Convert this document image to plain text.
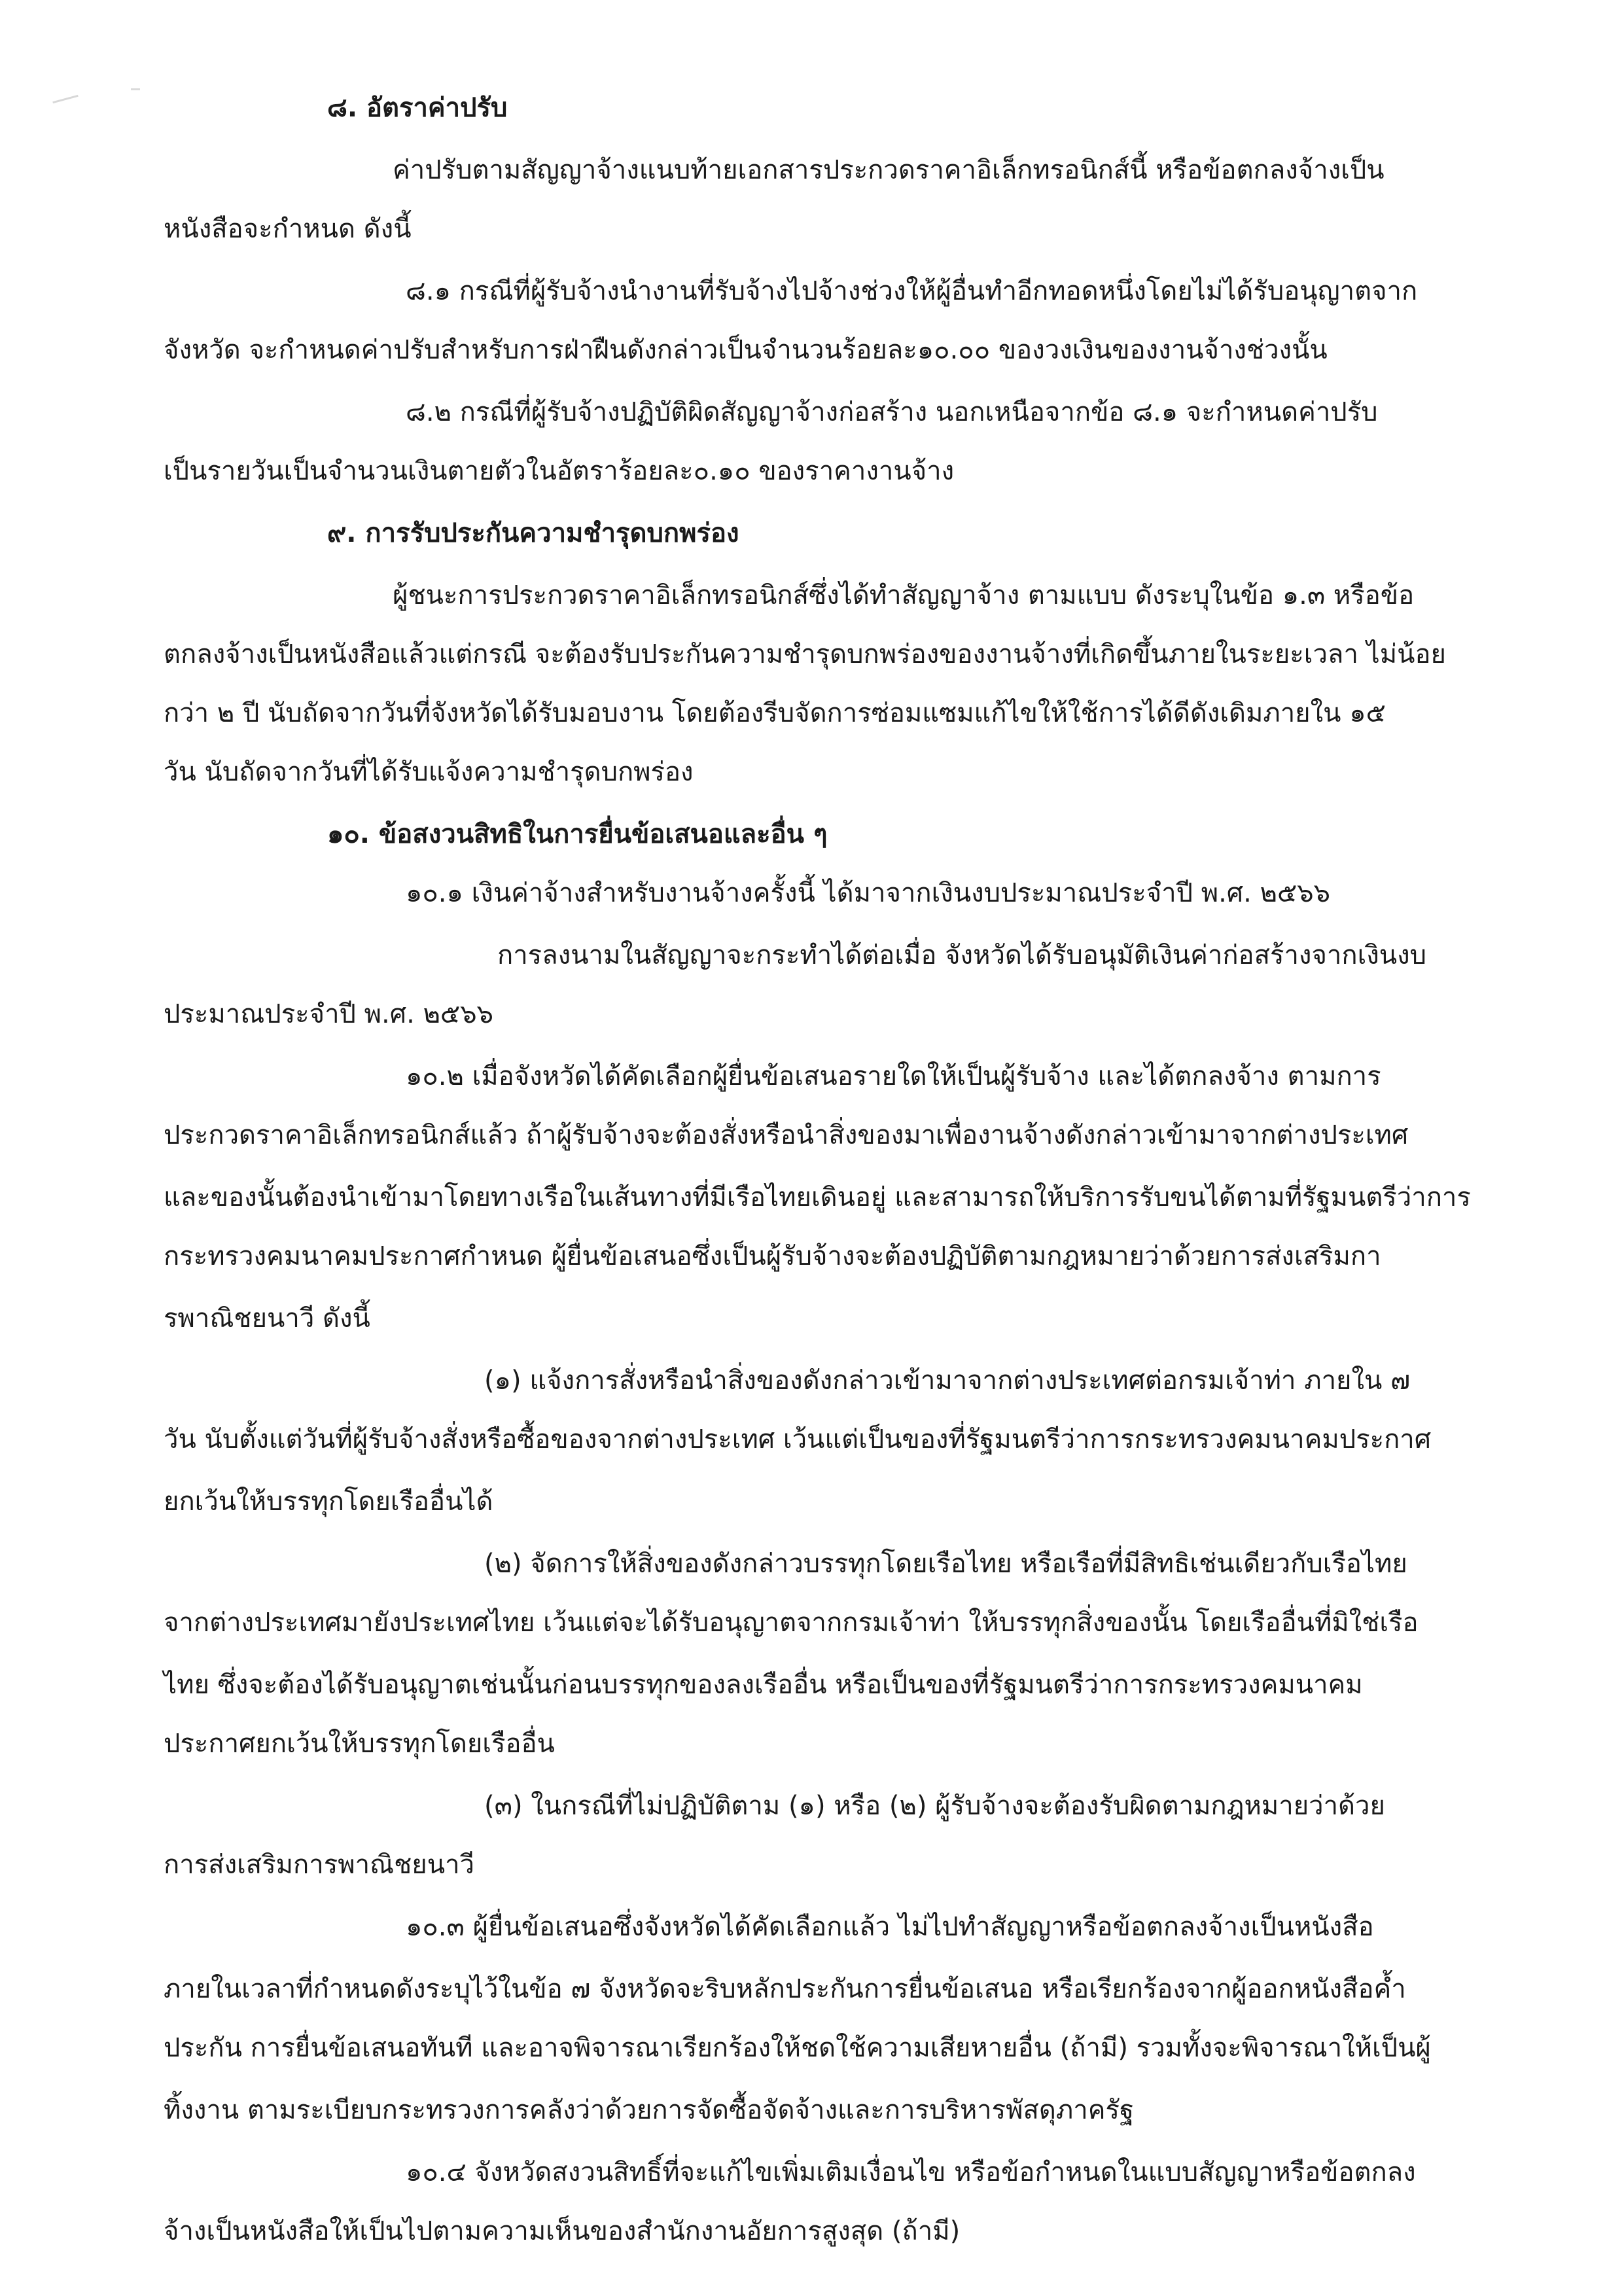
๘. อัตราค่าปรับ
ค่าปรับตามสัญญาจ้างแนบท้ายเอกสารประกวดราคาอิเล็กทรอนิกส์นี้ หรือข้อตกลงจ้างเป็น
หนังสือจะกำหนด ดังนี้
๘.๑ กรณีที่ผู้รับจ้างนำงานที่รับจ้างไปจ้างช่วงให้ผู้อื่นทำอีกทอดหนึ่งโดยไม่ได้รับอนุญาตจาก
จังหวัด จะกำหนดค่าปรับสำหรับการฝ่าฝืนดังกล่าวเป็นจำนวนร้อยละ๑๐.๐๐ ของวงเงินของงานจ้างช่วงนั้น
๘.๒ กรณีที่ผู้รับจ้างปฏิบัติผิดสัญญาจ้างก่อสร้าง นอกเหนือจากข้อ ๘.๑ จะกำหนดค่าปรับ
เป็นรายวันเป็นจำนวนเงินตายตัวในอัตราร้อยละ๐.๑๐ ของราคางานจ้าง
๙. การรับประกันความชำรุดบกพร่อง
ผู้ชนะการประกวดราคาอิเล็กทรอนิกส์ซึ่งได้ทำสัญญาจ้าง ตามแบบ ดังระบุในข้อ ๑.๓ หรือข้อ
ตกลงจ้างเป็นหนังสือแล้วแต่กรณี จะต้องรับประกันความชำรุดบกพร่องของงานจ้างที่เกิดขึ้นภายในระยะเวลา ไม่น้อย
กว่า ๒ ปี นับถัดจากวันที่จังหวัดได้รับมอบงาน โดยต้องรีบจัดการซ่อมแซมแก้ไขให้ใช้การได้ดีดังเดิมภายใน ๑๕
วัน นับถัดจากวันที่ได้รับแจ้งความชำรุดบกพร่อง
๑๐. ข้อสงวนสิทธิในการยื่นข้อเสนอและอื่น ๆ
๑๐.๑ เงินค่าจ้างสำหรับงานจ้างครั้งนี้ ได้มาจากเงินงบประมาณประจำปี พ.ศ. ๒๕๖๖
การลงนามในสัญญาจะกระทำได้ต่อเมื่อ จังหวัดได้รับอนุมัติเงินค่าก่อสร้างจากเงินงบ
ประมาณประจำปี พ.ศ. ๒๕๖๖
๑๐.๒ เมื่อจังหวัดได้คัดเลือกผู้ยื่นข้อเสนอรายใดให้เป็นผู้รับจ้าง และได้ตกลงจ้าง ตามการ
ประกวดราคาอิเล็กทรอนิกส์แล้ว ถ้าผู้รับจ้างจะต้องสั่งหรือนำสิ่งของมาเพื่องานจ้างดังกล่าวเข้ามาจากต่างประเทศ
และของนั้นต้องนำเข้ามาโดยทางเรือในเส้นทางที่มีเรือไทยเดินอยู่ และสามารถให้บริการรับขนได้ตามที่รัฐมนตรีว่าการ
กระทรวงคมนาคมประกาศกำหนด ผู้ยื่นข้อเสนอซึ่งเป็นผู้รับจ้างจะต้องปฏิบัติตามกฎหมายว่าด้วยการส่งเสริมกา
รพาณิชยนาวี ดังนี้
(๑) แจ้งการสั่งหรือนำสิ่งของดังกล่าวเข้ามาจากต่างประเทศต่อกรมเจ้าท่า ภายใน ๗
วัน นับตั้งแต่วันที่ผู้รับจ้างสั่งหรือซื้อของจากต่างประเทศ เว้นแต่เป็นของที่รัฐมนตรีว่าการกระทรวงคมนาคมประกาศ
ยกเว้นให้บรรทุกโดยเรืออื่นได้
(๒) จัดการให้สิ่งของดังกล่าวบรรทุกโดยเรือไทย หรือเรือที่มีสิทธิเช่นเดียวกับเรือไทย
จากต่างประเทศมายังประเทศไทย เว้นแต่จะได้รับอนุญาตจากกรมเจ้าท่า ให้บรรทุกสิ่งของนั้น โดยเรืออื่นที่มิใช่เรือ
ไทย ซึ่งจะต้องได้รับอนุญาตเช่นนั้นก่อนบรรทุกของลงเรืออื่น หรือเป็นของที่รัฐมนตรีว่าการกระทรวงคมนาคม
ประกาศยกเว้นให้บรรทุกโดยเรืออื่น
(๓) ในกรณีที่ไม่ปฏิบัติตาม (๑) หรือ (๒) ผู้รับจ้างจะต้องรับผิดตามกฎหมายว่าด้วย
การส่งเสริมการพาณิชยนาวี
๑๐.๓ ผู้ยื่นข้อเสนอซึ่งจังหวัดได้คัดเลือกแล้ว ไม่ไปทำสัญญาหรือข้อตกลงจ้างเป็นหนังสือ
ภายในเวลาที่กำหนดดังระบุไว้ในข้อ ๗ จังหวัดจะริบหลักประกันการยื่นข้อเสนอ หรือเรียกร้องจากผู้ออกหนังสือค้ำ
ประกัน การยื่นข้อเสนอทันที และอาจพิจารณาเรียกร้องให้ชดใช้ความเสียหายอื่น (ถ้ามี) รวมทั้งจะพิจารณาให้เป็นผู้
ทิ้งงาน ตามระเบียบกระทรวงการคลังว่าด้วยการจัดซื้อจัดจ้างและการบริหารพัสดุภาครัฐ
๑๐.๔ จังหวัดสงวนสิทธิ์ที่จะแก้ไขเพิ่มเติมเงื่อนไข หรือข้อกำหนดในแบบสัญญาหรือข้อตกลง
จ้างเป็นหนังสือให้เป็นไปตามความเห็นของสำนักงานอัยการสูงสุด (ถ้ามี)
